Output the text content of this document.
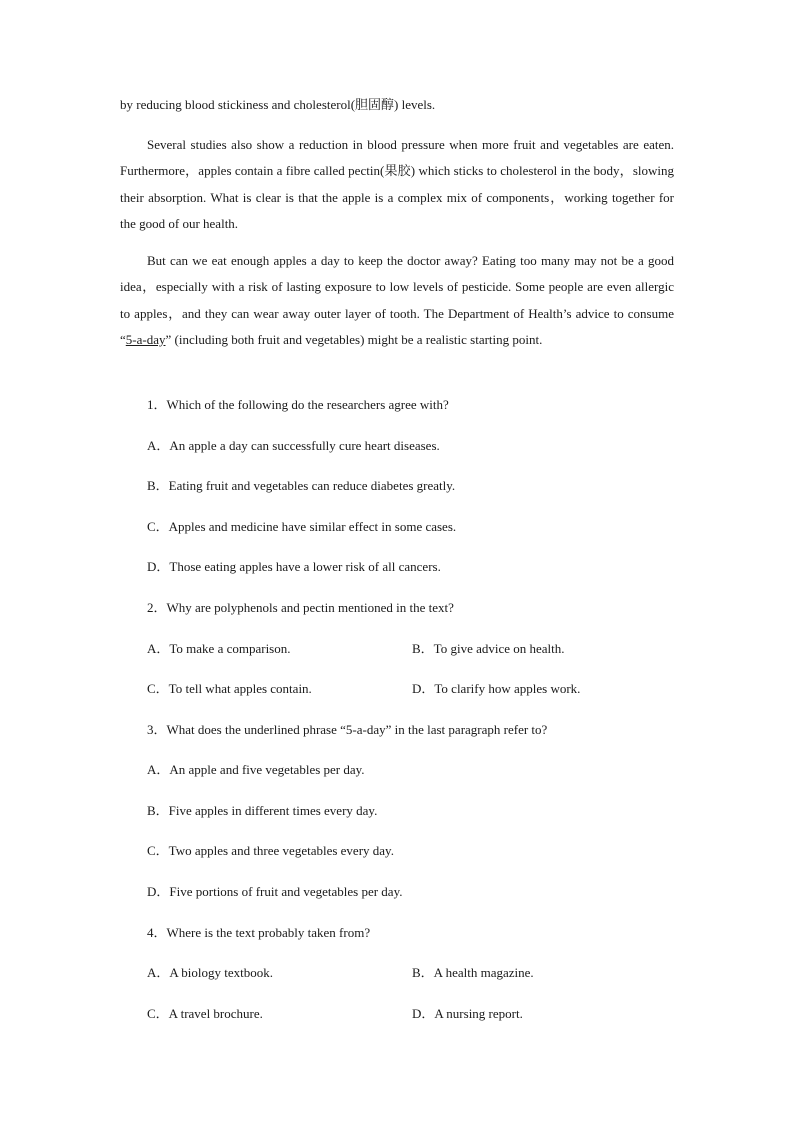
by reducing blood stickiness and cholesterol(胆固醇) levels.

Several studies also show a reduction in blood pressure when more fruit and vegetables are eaten. Furthermore，apples contain a fibre called pectin(果胶) which sticks to cholesterol in the body，slowing their absorption. What is clear is that the apple is a complex mix of components，working together for the good of our health.

But can we eat enough apples a day to keep the doctor away? Eating too many may not be a good idea，especially with a risk of lasting exposure to low levels of pesticide. Some people are even allergic to apples，and they can wear away outer layer of tooth. The Department of Health’s advice to consume “5-a-day” (including both fruit and vegetables) might be a realistic starting point.

1．Which of the following do the researchers agree with?
A．An apple a day can successfully cure heart diseases.
B．Eating fruit and vegetables can reduce diabetes greatly.
C．Apples and medicine have similar effect in some cases.
D．Those eating apples have a lower risk of all cancers.
2．Why are polyphenols and pectin mentioned in the text?
A．To make a comparison.	B．To give advice on health.
C．To tell what apples contain.	D．To clarify how apples work.
3．What does the underlined phrase “5-a-day” in the last paragraph refer to?
A．An apple and five vegetables per day.
B．Five apples in different times every day.
C．Two apples and three vegetables every day.
D．Five portions of fruit and vegetables per day.
4．Where is the text probably taken from?
A．A biology textbook.	B．A health magazine.
C．A travel brochure.	D．A nursing report.
